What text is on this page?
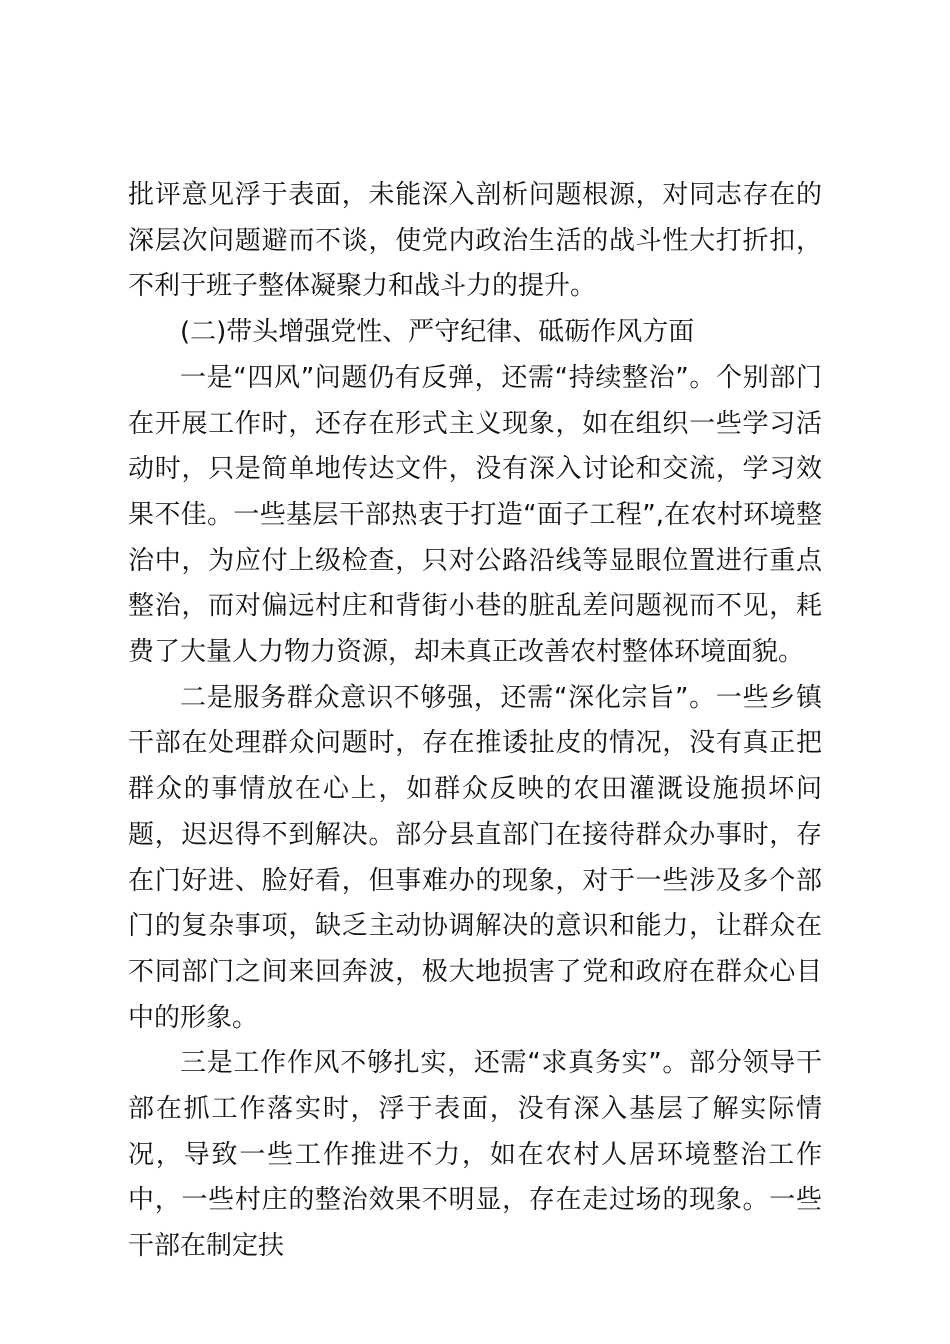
批评意见浮于表面，未能深入剖析问题根源，对同志存在的深层次问题避而不谈，使党内政治生活的战斗性大打折扣，不利于班子整体凝聚力和战斗力的提升。

(二)带头增强党性、严守纪律、砥砺作风方面

一是“四风”问题仍有反弹，还需“持续整治”。个别部门在开展工作时，还存在形式主义现象，如在组织一些学习活动时，只是简单地传达文件，没有深入讨论和交流，学习效果不佳。一些基层干部热衷于打造“面子工程”,在农村环境整治中，为应付上级检查，只对公路沿线等显眼位置进行重点整治，而对偏远村庄和背街小巷的脏乱差问题视而不见，耗费了大量人力物力资源，却未真正改善农村整体环境面貌。

二是服务群众意识不够强，还需“深化宗旨”。一些乡镇干部在处理群众问题时，存在推诿扯皮的情况，没有真正把群众的事情放在心上，如群众反映的农田灌溉设施损坏问题，迟迟得不到解决。部分县直部门在接待群众办事时，存在门好进、脸好看，但事难办的现象，对于一些涉及多个部门的复杂事项，缺乏主动协调解决的意识和能力，让群众在不同部门之间来回奔波，极大地损害了党和政府在群众心目中的形象。

三是工作作风不够扎实，还需“求真务实”。部分领导干部在抓工作落实时，浮于表面，没有深入基层了解实际情况，导致一些工作推进不力，如在农村人居环境整治工作中，一些村庄的整治效果不明显，存在走过场的现象。一些干部在制定扶
